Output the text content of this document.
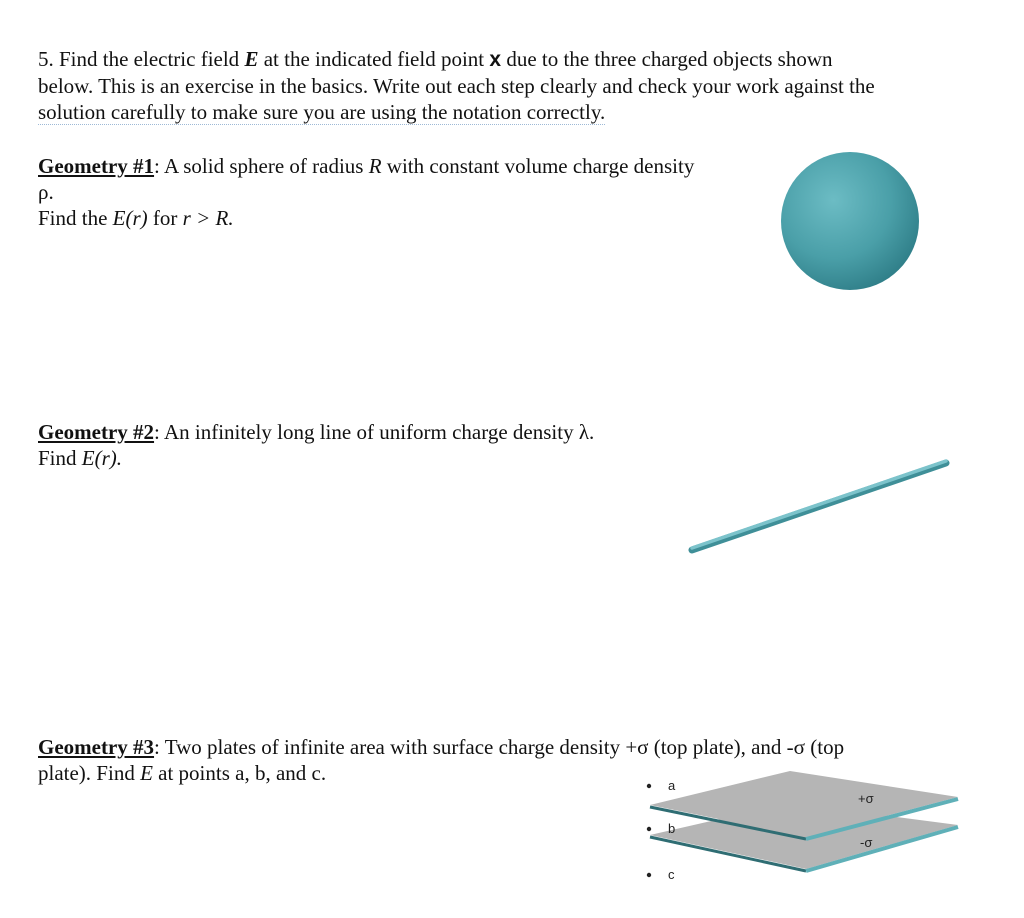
5. Find the electric field E at the indicated field point x due to the three charged objects shown
below. This is an exercise in the basics. Write out each step clearly and check your work against the
solution carefully to make sure you are using the notation correctly.

Geometry #1: A solid sphere of radius R with constant volume charge density
ρ.
Find the E(r) for r > R.

Geometry #2: An infinitely long line of uniform charge density λ.
Find E(r).

Geometry #3: Two plates of infinite area with surface charge density +σ (top plate), and -σ (top
plate). Find E at points a, b, and c.

+σ
-σ
a
b
c
